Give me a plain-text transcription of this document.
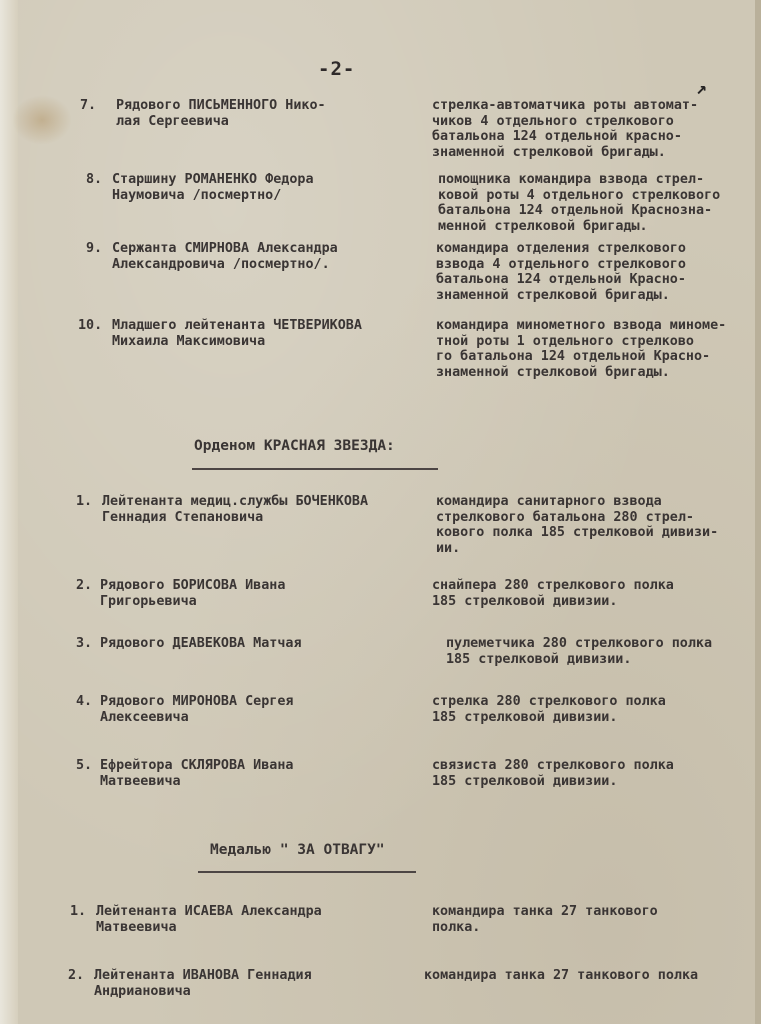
-2-
↗
7. Рядового ПИСЬМЕННОГО Нико-
лая Сергеевича
стрелка-автоматчика роты автомат-
чиков 4 отдельного стрелкового
батальона 124 отдельной красно-
знаменной стрелковой бригады.
8. Старшину РОМАНЕНКО Федора
Наумовича /посмертно/
помощника командира взвода стрел-
ковой роты 4 отдельного стрелкового
батальона 124 отдельной Краснозна-
менной стрелковой бригады.
9. Сержанта СМИРНОВА Александра
Александровича /посмертно/.
командира отделения стрелкового
взвода 4 отдельного стрелкового
батальона 124 отдельной Красно-
знаменной стрелковой бригады.
10. Младшего лейтенанта ЧЕТВЕРИКОВА
Михаила Максимовича
командира минометного взвода миноме-
тной роты 1 отдельного стрелково
го батальона 124 отдельной Красно-
знаменной стрелковой бригады.
Орденом КРАСНАЯ ЗВЕЗДА:
1. Лейтенанта медиц.службы БОЧЕНКОВА
Геннадия Степановича
командира санитарного взвода
стрелкового батальона 280 стрел-
кового полка 185 стрелковой дивизи-
ии.
2. Рядового БОРИСОВА Ивана
Григорьевича
снайпера 280 стрелкового полка
185 стрелковой дивизии.
3. Рядового ДЕАВЕКОВА Матчая	пулеметчика 280 стрелкового полка
185 стрелковой дивизии.
4. Рядового МИРОНОВА Сергея
Алексеевича
стрелка 280 стрелкового полка
185 стрелковой дивизии.
5. Ефрейтора СКЛЯРОВА Ивана
Матвеевича
связиста 280 стрелкового полка
185 стрелковой дивизии.
Медалью " ЗА ОТВАГУ"
1. Лейтенанта ИСАЕВА Александра
Матвеевича
командира танка 27 танкового
полка.
2. Лейтенанта ИВАНОВА Геннадия
Андриановича
командира танка 27 танкового полка
